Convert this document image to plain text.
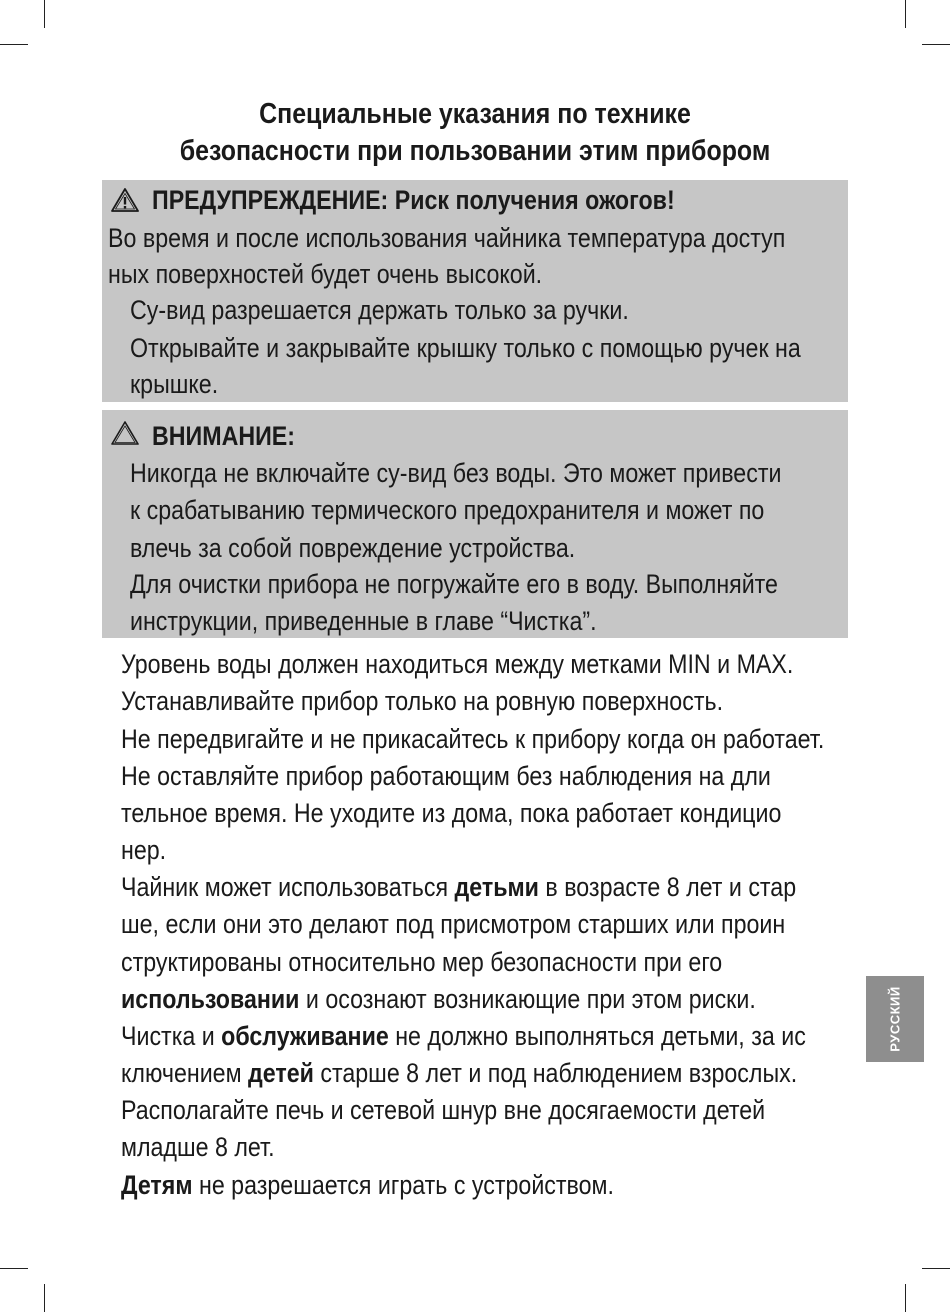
Специальные указания по технике
безопасности при пользовании этим прибором
ПРЕДУПРЕЖДЕНИЕ: Риск получения ожогов!
Во время и после использования чайника температура доступ
ных поверхностей будет очень высокой.
Су-вид разрешается держать только за ручки.
Открывайте и закрывайте крышку только с помощью ручек на
крышке.
ВНИМАНИЕ:
Никогда не включайте су-вид без воды. Это может привести
к срабатыванию термического предохранителя и может по
влечь за собой повреждение устройства.
Для очистки прибора не погружайте его в воду. Выполняйте
инструкции, приведенные в главе “Чистка”.
Уровень воды должен находиться между метками MIN и MAX.
Устанавливайте прибор только на ровную поверхность.
Не передвигайте и не прикасайтесь к прибору когда он работает.
Не оставляйте прибор работающим без наблюдения на дли
тельное время. Не уходите из дома, пока работает кондицио
нер.
Чайник может использоваться детьми в возрасте 8 лет и стар
ше, если они это делают под присмотром старших или проин
структированы относительно мер безопасности при его
использовании и осознают возникающие при этом риски.
Чистка и обслуживание не должно выполняться детьми, за ис
ключением детей старше 8 лет и под наблюдением взрослых.
Располагайте печь и сетевой шнур вне досягаемости детей
младше 8 лет.
Детям не разрешается играть с устройством.
РУССКИЙ
